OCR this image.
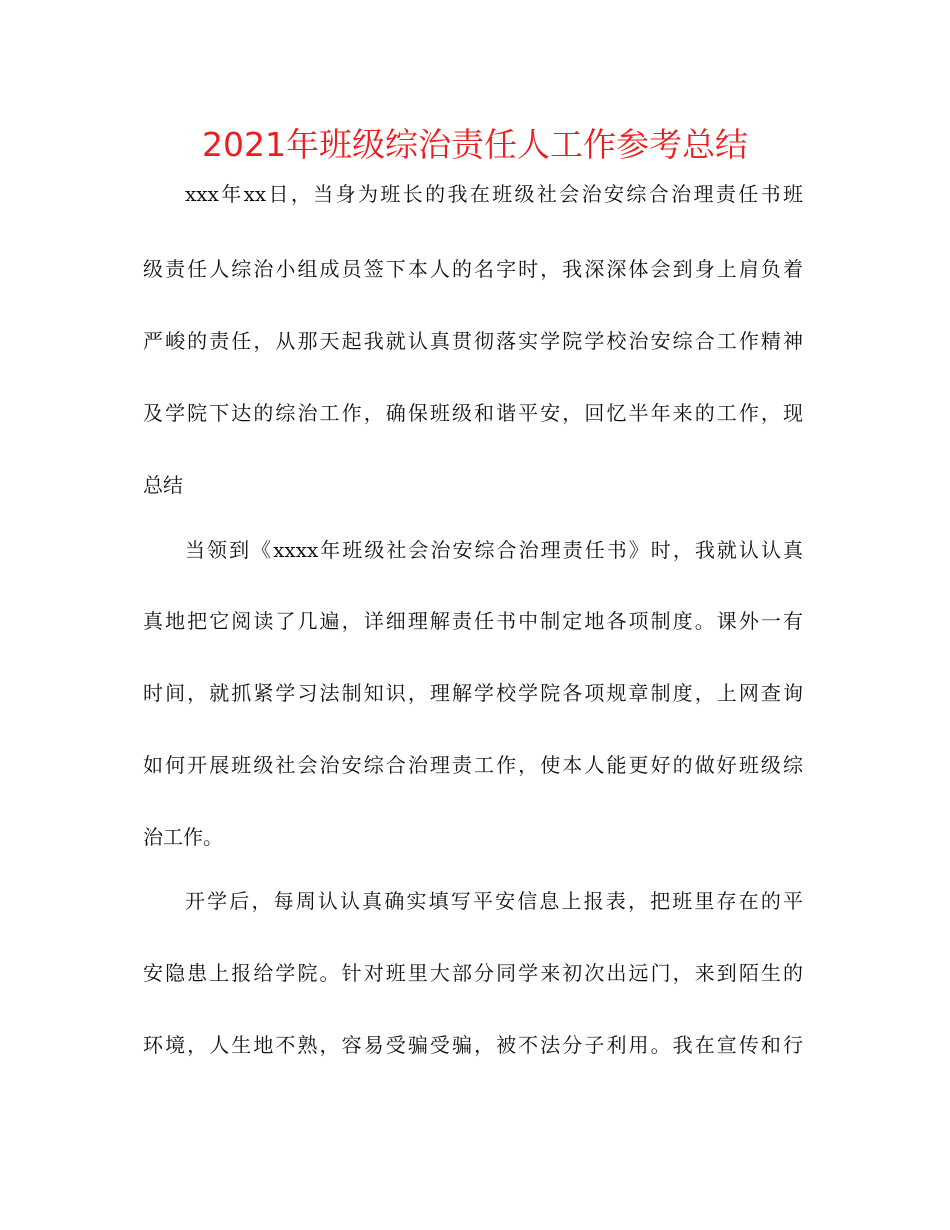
2021年班级综治责任人工作参考总结
xxx年xx日，当身为班长的我在班级社会治安综合治理责任书班
级责任人综治小组成员签下本人的名字时，我深深体会到身上肩负着
严峻的责任，从那天起我就认真贯彻落实学院学校治安综合工作精神
及学院下达的综治工作，确保班级和谐平安，回忆半年来的工作，现
总结
当领到《xxxx年班级社会治安综合治理责任书》时，我就认认真
真地把它阅读了几遍，详细理解责任书中制定地各项制度。课外一有
时间，就抓紧学习法制知识，理解学校学院各项规章制度，上网查询
如何开展班级社会治安综合治理责工作，使本人能更好的做好班级综
治工作。
开学后，每周认认真确实填写平安信息上报表，把班里存在的平
安隐患上报给学院。针对班里大部分同学来初次出远门，来到陌生的
环境，人生地不熟，容易受骗受骗，被不法分子利用。我在宣传和行
